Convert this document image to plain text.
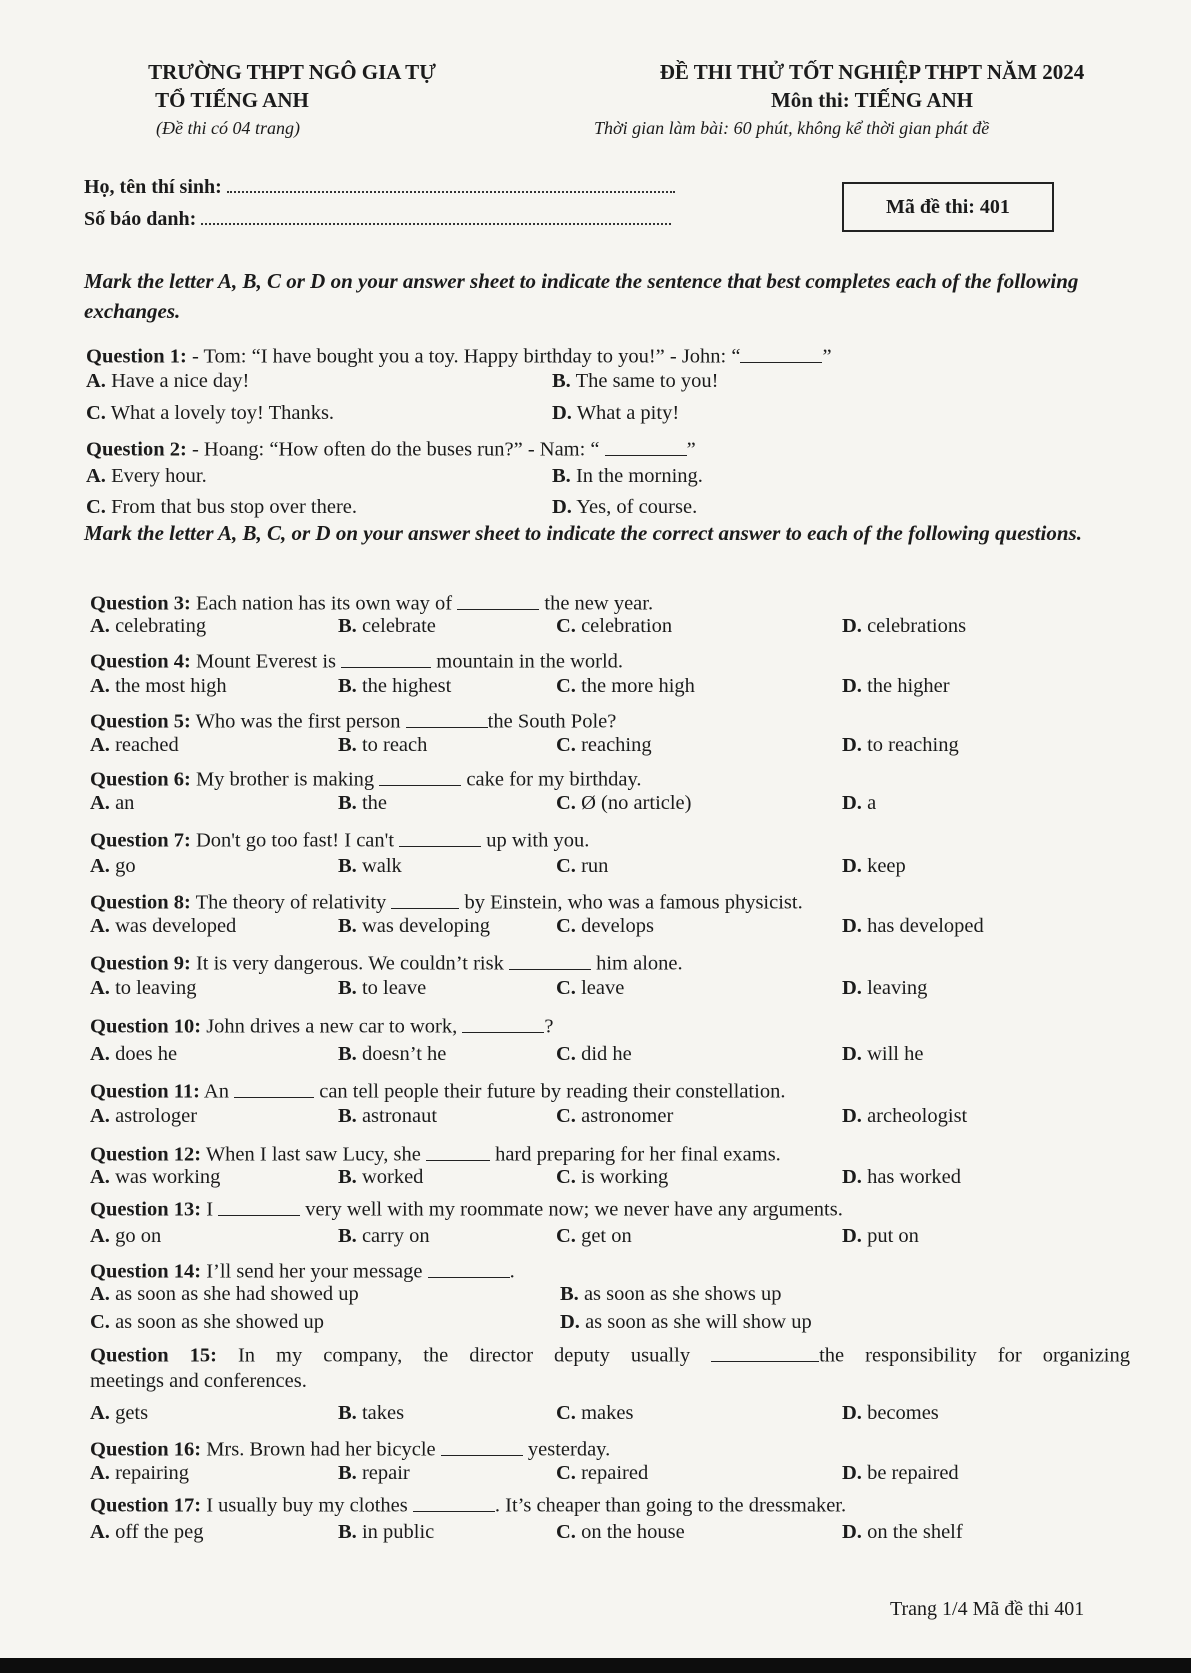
TRƯỜNG THPT NGÔ GIA TỰ
TỔ TIẾNG ANH
(Đề thi có 04 trang)
ĐỀ THI THỬ TỐT NGHIỆP THPT NĂM 2024
Môn thi: TIẾNG ANH
Thời gian làm bài: 60 phút, không kể thời gian phát đề
Họ, tên thí sinh:
Số báo danh:
Mã đề thi: 401
Mark the letter A, B, C or D on your answer sheet to indicate the sentence that best completes each of the following exchanges.
Question 1: - Tom: “I have bought you a toy. Happy birthday to you!” - John: “	”
A. Have a nice day!	B. The same to you!
C. What a lovely toy! Thanks.	D. What a pity!
Question 2: - Hoang: “How often do the buses run?” - Nam: “	”
A. Every hour.	B. In the morning.
C. From that bus stop over there.	D. Yes, of course.
Question 3: Each nation has its own way of	the new year.
A. celebrating	B. celebrate	C. celebration	D. celebrations
Question 4: Mount Everest is	mountain in the world.
A. the most high	B. the highest	C. the more high	D. the higher
Question 5: Who was the first person	the South Pole?
A. reached	B. to reach	C. reaching	D. to reaching
Question 6: My brother is making	cake for my birthday.
A. an	B. the	C. Ø (no article)	D. a
Question 7: Don't go too fast! I can't	up with you.
A. go	B. walk	C. run	D. keep
Question 8: The theory of relativity	by Einstein, who was a famous physicist.
A. was developed	B. was developing	C. develops	D. has developed
Question 9: It is very dangerous. We couldn’t risk	him alone.
A. to leaving	B. to leave	C. leave	D. leaving
Question 10: John drives a new car to work,	?
A. does he	B. doesn’t he	C. did he	D. will he
Question 11: An	can tell people their future by reading their constellation.
A. astrologer	B. astronaut	C. astronomer	D. archeologist
Question 12: When I last saw Lucy, she	hard preparing for her final exams.
A. was working	B. worked	C. is working	D. has worked
Question 13: I	very well with my roommate now; we never have any arguments.
A. go on	B. carry on	C. get on	D. put on
Question 14: I’ll send her your message	.
A. as soon as she had showed up	B. as soon as she shows up
C. as soon as she showed up	D. as soon as she will show up
Question 15: In my company, the director deputy usually	the responsibility for organizing
meetings and conferences.
A. gets	B. takes	C. makes	D. becomes
Question 16: Mrs. Brown had her bicycle	yesterday.
A. repairing	B. repair	C. repaired	D. be repaired
Question 17: I usually buy my clothes	. It’s cheaper than going to the dressmaker.
A. off the peg	B. in public	C. on the house	D. on the shelf
Mark the letter A, B, C, or D on your answer sheet to indicate the correct answer to each of the following questions.
Trang 1/4 Mã đề thi 401
